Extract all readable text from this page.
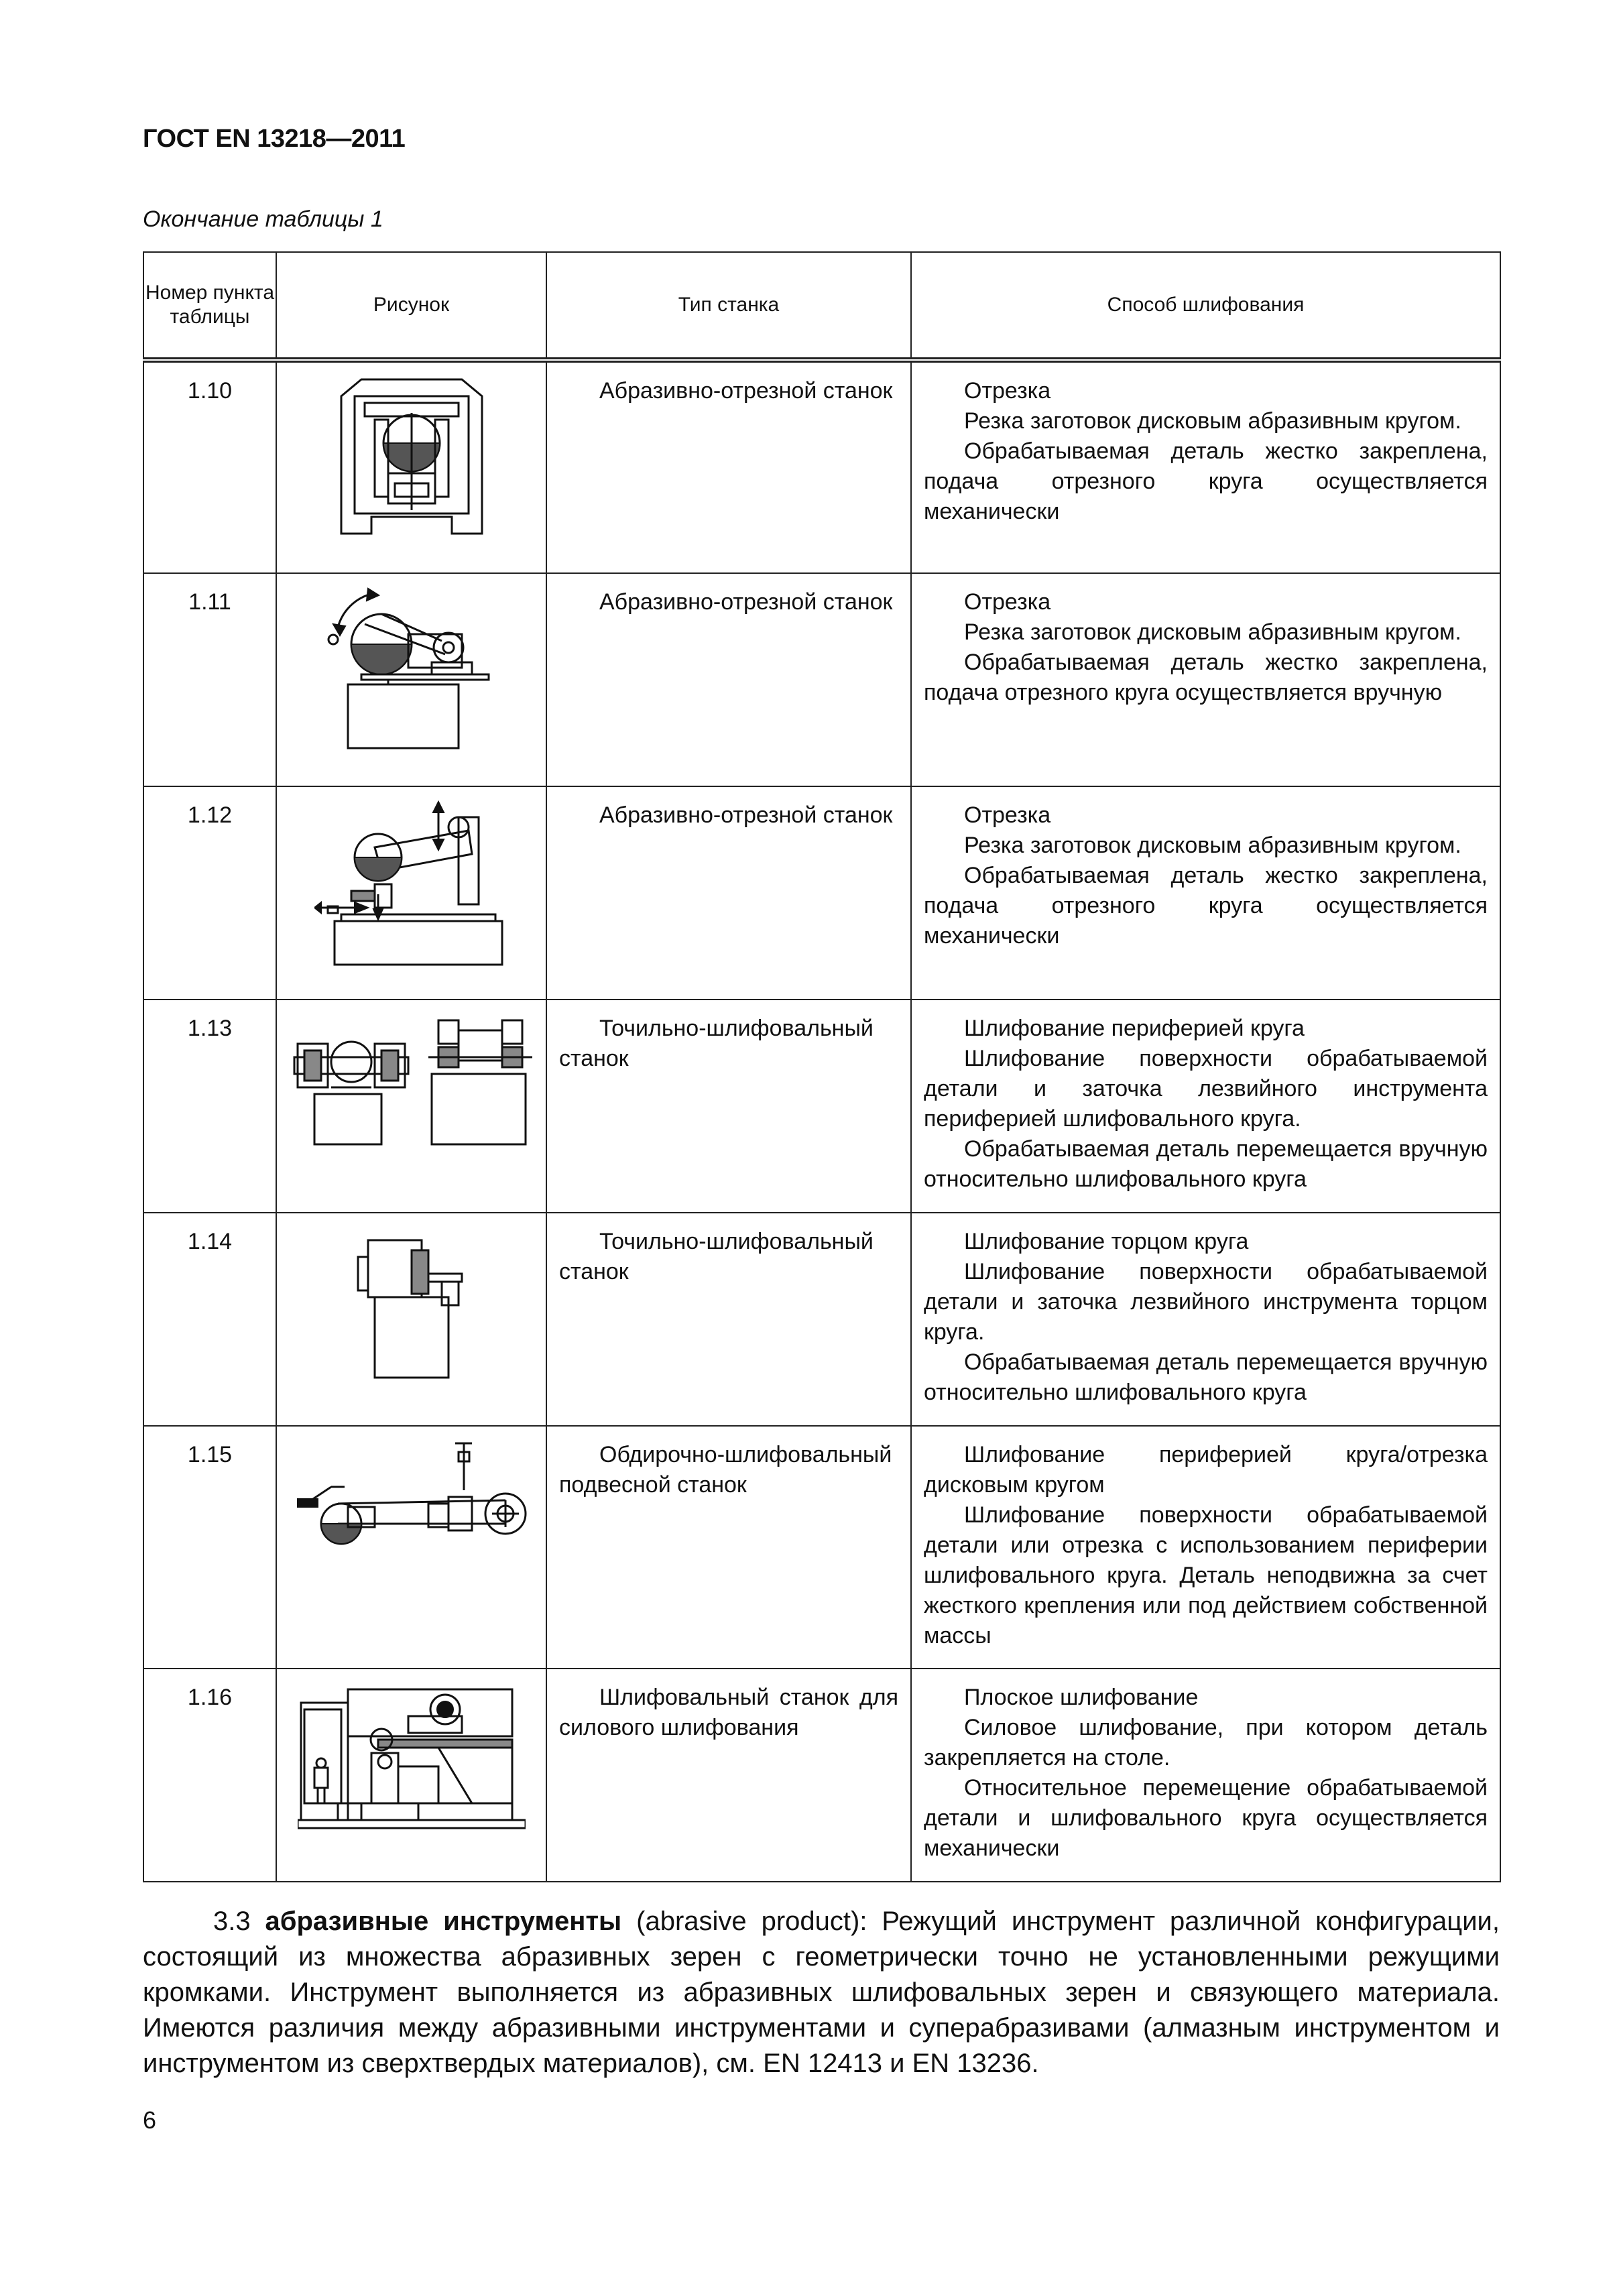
ГОСТ EN 13218—2011
Окончание таблицы 1
Номер пункта таблицы	Рисунок	Тип станка	Способ шлифования
1.10		Абразивно-отрезной станок	Отрезка

Резка заготовок дисковым абразивным кругом.

Обрабатываемая деталь жестко закреплена, подача отрезного круга осуществляется механически

1.11		Абразивно-отрезной станок	Отрезка

Резка заготовок дисковым абразивным кругом.

Обрабатываемая деталь жестко закреплена, подача отрезного круга осуществляется вручную

1.12		Абразивно-отрезной станок	Отрезка

Резка заготовок дисковым абразивным кругом.

Обрабатываемая деталь жестко закреплена, подача отрезного круга осуществляется механически

1.13		Точильно-шлифовальный станок	Шлифование периферией круга

Шлифование поверхности обрабатываемой детали и заточка лезвийного инструмента периферией шлифовального круга.

Обрабатываемая деталь перемещается вручную относительно шлифовального круга

1.14		Точильно-шлифовальный станок	Шлифование торцом круга

Шлифование поверхности обрабатываемой детали и заточка лезвийного инструмента торцом круга.

Обрабатываемая деталь перемещается вручную относительно шлифовального круга

1.15		Обдирочно-шлифовальный подвесной станок	Шлифование периферией круга/отрезка дисковым кругом

Шлифование поверхности обрабатываемой детали или отрезка с использованием периферии шлифовального круга. Деталь неподвижна за счет жесткого крепления или под действием собственной массы

1.16		Шлифовальный станок для силового шлифования	Плоское шлифование

Силовое шлифование, при котором деталь закрепляется на столе.

Относительное перемещение обрабатываемой детали и шлифовального круга осуществляется механически

3.3 абразивные инструменты (abrasive product): Режущий инструмент различной конфигурации, состоящий из множества абразивных зерен с геометрически точно не установленными режущими кромками. Инструмент выполняется из абразивных шлифовальных зерен и связующего материала. Имеются различия между абразивными инструментами и суперабразивами (алмазным инструментом и инструментом из сверхтвердых материалов), см. EN 12413 и EN 13236.
6
